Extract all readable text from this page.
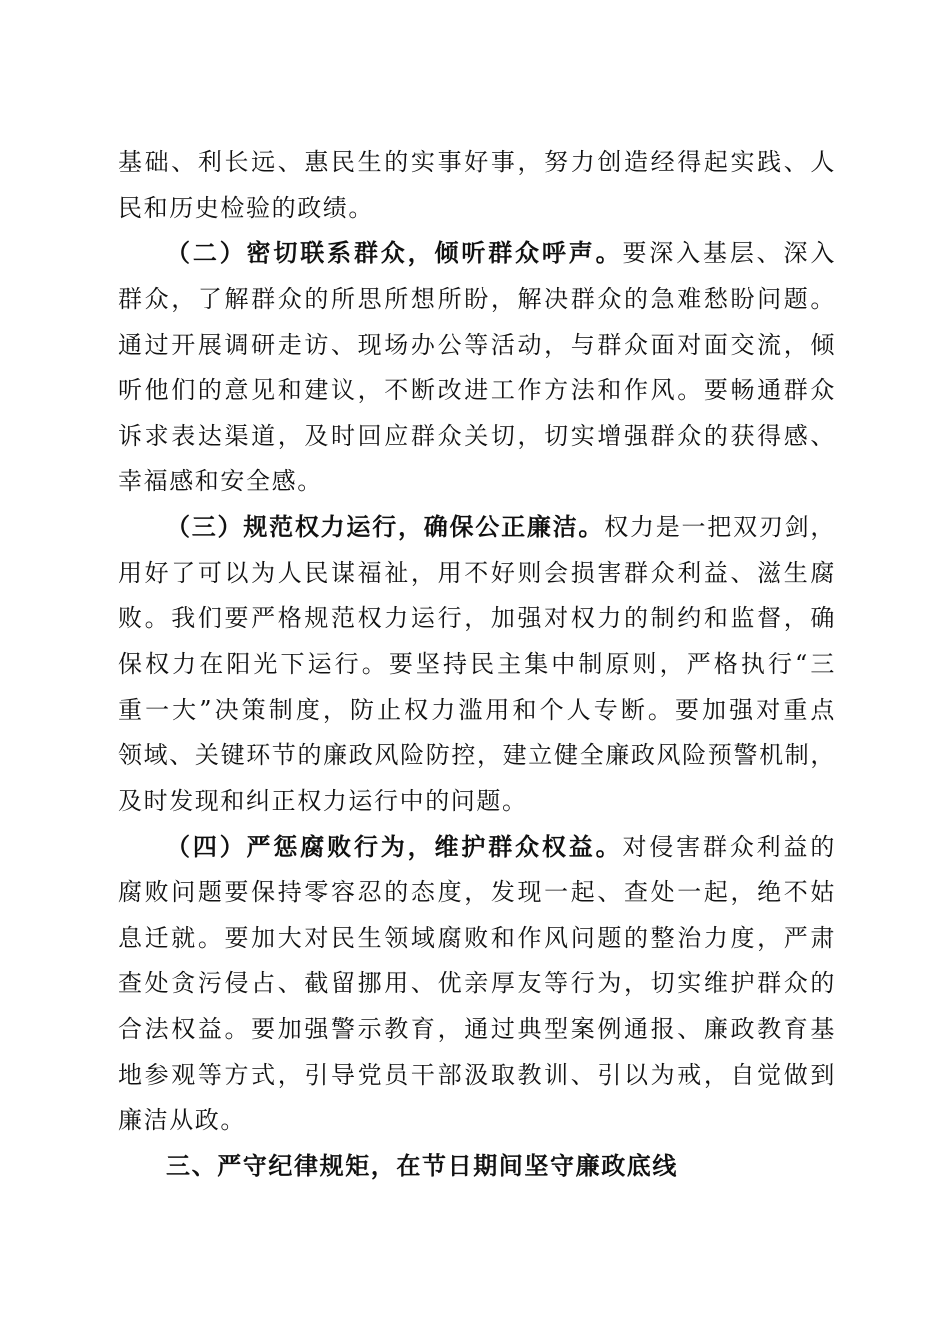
基础、利长远、惠民生的实事好事，努力创造经得起实践、人
民和历史检验的政绩。
（二）密切联系群众，倾听群众呼声。要深入基层、深入
群众，了解群众的所思所想所盼，解决群众的急难愁盼问题。
通过开展调研走访、现场办公等活动，与群众面对面交流，倾
听他们的意见和建议，不断改进工作方法和作风。要畅通群众
诉求表达渠道，及时回应群众关切，切实增强群众的获得感、
幸福感和安全感。
（三）规范权力运行，确保公正廉洁。权力是一把双刃剑，
用好了可以为人民谋福祉，用不好则会损害群众利益、滋生腐
败。我们要严格规范权力运行，加强对权力的制约和监督，确
保权力在阳光下运行。要坚持民主集中制原则，严格执行“三
重一大”决策制度，防止权力滥用和个人专断。要加强对重点
领域、关键环节的廉政风险防控，建立健全廉政风险预警机制，
及时发现和纠正权力运行中的问题。
（四）严惩腐败行为，维护群众权益。对侵害群众利益的
腐败问题要保持零容忍的态度，发现一起、查处一起，绝不姑
息迁就。要加大对民生领域腐败和作风问题的整治力度，严肃
查处贪污侵占、截留挪用、优亲厚友等行为，切实维护群众的
合法权益。要加强警示教育，通过典型案例通报、廉政教育基
地参观等方式，引导党员干部汲取教训、引以为戒，自觉做到
廉洁从政。
三、严守纪律规矩，在节日期间坚守廉政底线
